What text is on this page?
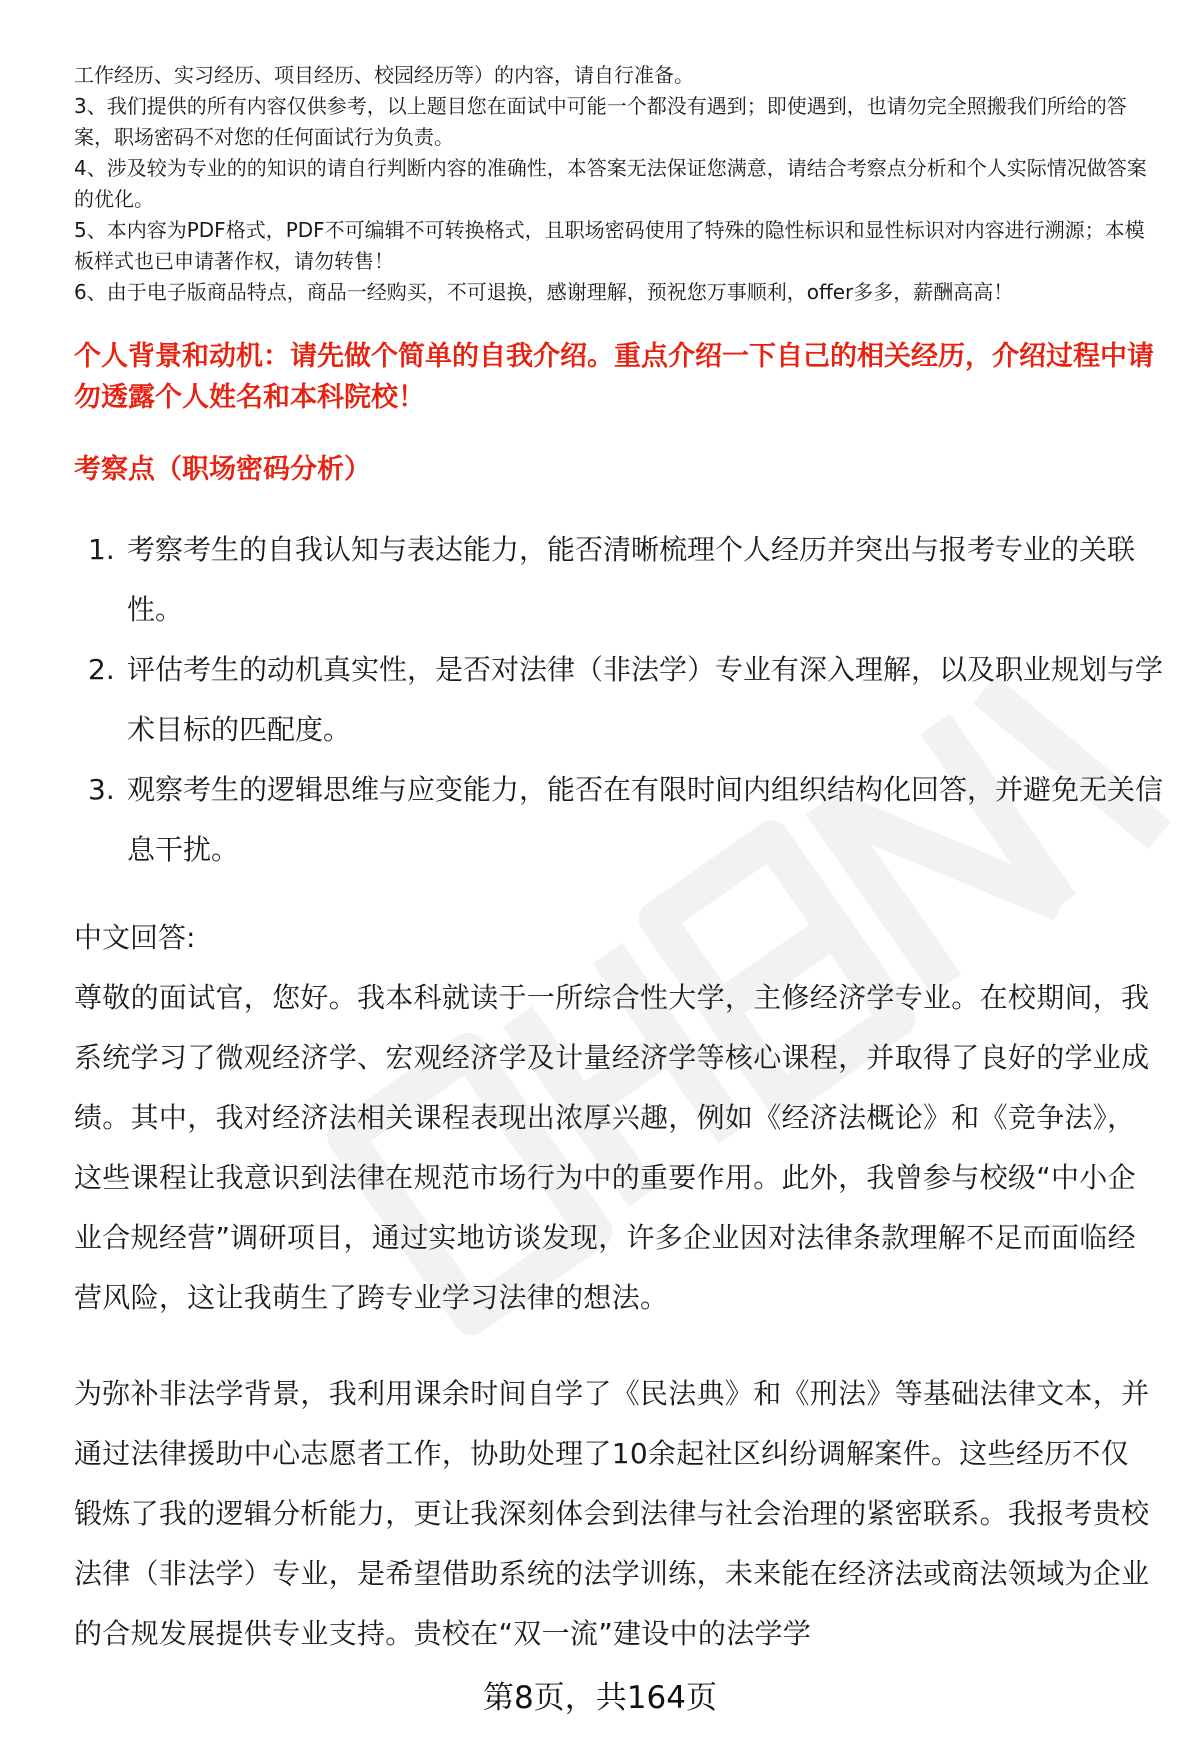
工作经历、实习经历、项目经历、校园经历等）的内容，请自行准备。

3、我们提供的所有内容仅供参考，以上题目您在面试中可能一个都没有遇到；即使遇到，也请勿完全照搬我们所给的答案，职场密码不对您的任何面试行为负责。

4、涉及较为专业的的知识的请自行判断内容的准确性，本答案无法保证您满意，请结合考察点分析和个人实际情况做答案的优化。

5、本内容为PDF格式，PDF不可编辑不可转换格式，且职场密码使用了特殊的隐性标识和显性标识对内容进行溯源；本模板样式也已申请著作权，请勿转售！

6、由于电子版商品特点，商品一经购买，不可退换，感谢理解，预祝您万事顺利，offer多多，薪酬高高！

个人背景和动机：请先做个简单的自我介绍。重点介绍一下自己的相关经历，介绍过程中请勿透露个人姓名和本科院校！
考察点（职场密码分析）
1. 考察考生的自我认知与表达能力，能否清晰梳理个人经历并突出与报考专业的关联性。
2. 评估考生的动机真实性，是否对法律（非法学）专业有深入理解，以及职业规划与学术目标的匹配度。
3. 观察考生的逻辑思维与应变能力，能否在有限时间内组织结构化回答，并避免无关信息干扰。

中文回答:

尊敬的面试官，您好。我本科就读于一所综合性大学，主修经济学专业。在校期间，我系统学习了微观经济学、宏观经济学及计量经济学等核心课程，并取得了良好的学业成绩。其中，我对经济法相关课程表现出浓厚兴趣，例如《经济法概论》和《竞争法》，这些课程让我意识到法律在规范市场行为中的重要作用。此外，我曾参与校级“中小企业合规经营”调研项目，通过实地访谈发现，许多企业因对法律条款理解不足而面临经营风险，这让我萌生了跨专业学习法律的想法。

为弥补非法学背景，我利用课余时间自学了《民法典》和《刑法》等基础法律文本，并通过法律援助中心志愿者工作，协助处理了10余起社区纠纷调解案件。这些经历不仅锻炼了我的逻辑分析能力，更让我深刻体会到法律与社会治理的紧密联系。我报考贵校法律（非法学）专业，是希望借助系统的法学训练，未来能在经济法或商法领域为企业的合规发展提供专业支持。贵校在“双一流”建设中的法学学

第8页，共164页
